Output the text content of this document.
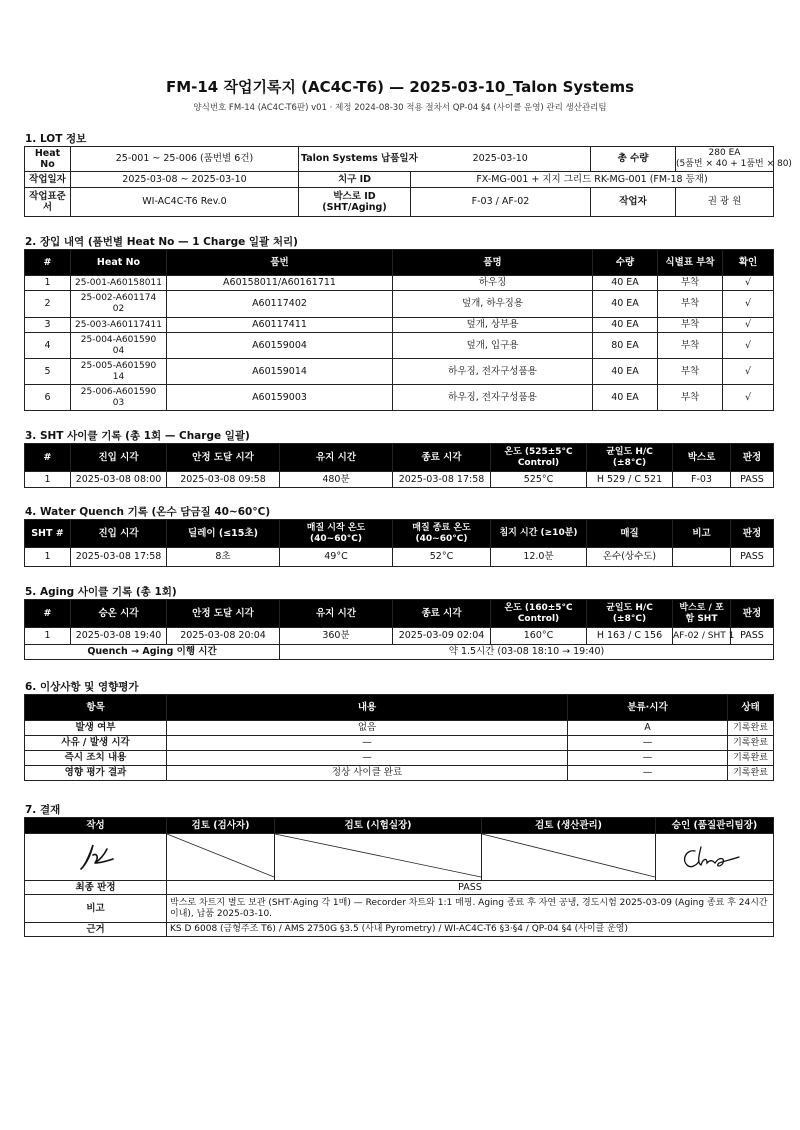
FM-14 작업기록지 (AC4C-T6) — 2025-03-10_Talon Systems
양식번호 FM-14 (AC4C-T6판) v01 · 제정 2024-08-30 적용 절차서 QP-04 §4 (사이클 운영) 관리 생산관리팀
1. LOT 정보
Heat No	25-001 ~ 25-006 (품번별 6건)	Talon Systems 납품일자	2025-03-10	총 수량	280 EA
(5품번 × 40 + 1품번 × 80)

작업일자	2025-03-08 ~ 2025-03-10	치구 ID	FX-MG-001 + 지지 그리드 RK-MG-001 (FM-18 등재)		
작업표준서	WI-AC4C-T6 Rev.0	박스로 ID (SHT/Aging)	F-03 / AF-02	작업자	권 광 원
2. 장입 내역 (품번별 Heat No — 1 Charge 일괄 처리)
#	Heat No	품번	품명	수량	식별표 부착	확인
1	25-001-A60158011	A60158011/A60161711	하우징	40 EA	부착	√
2	25-002-A60117402	A60117402	덮개, 하우징용	40 EA	부착	√
3	25-003-A60117411	A60117411	덮개, 상부용	40 EA	부착	√
4	25-004-A60159004	A60159004	덮개, 입구용	80 EA	부착	√
5	25-005-A60159014	A60159014	하우징, 전자구성품용	40 EA	부착	√
6	25-006-A60159003	A60159003	하우징, 전자구성품용	40 EA	부착	√
3. SHT 사이클 기록 (총 1회 — Charge 일괄)
#	진입 시각	안정 도달 시각	유지 시간	종료 시각	온도 (525±5°C Control)	균일도 H/C (±8°C)	박스로	판정
1	2025-03-08 08:00	2025-03-08 09:58	480분	2025-03-08 17:58	525°C	H 529 / C 521	F-03	PASS
4. Water Quench 기록 (온수 담금질 40~60°C)
SHT #	진입 시각	딜레이 (≤15초)	매질 시작 온도 (40~60°C)	매질 종료 온도 (40~60°C)	침지 시간 (≥10분)	매질	비고	판정
1	2025-03-08 17:58	8초	49°C	52°C	12.0분	온수(상수도)		PASS
5. Aging 사이클 기록 (총 1회)
#	승온 시각	안정 도달 시각	유지 시간	종료 시각	온도 (160±5°C Control)	균일도 H/C (±8°C)	박스로 / 포함 SHT	판정
1	2025-03-08 19:40	2025-03-08 20:04	360분	2025-03-09 02:04	160°C	H 163 / C 156	AF-02 / SHT 1	PASS
Quench → Aging 이행 시간			약 1.5시간 (03-08 18:10 → 19:40)					
6. 이상사항 및 영향평가
항목	내용	분류·시각	상태
발생 여부	없음	A	기록완료
사유 / 발생 시각	—	—	기록완료
즉시 조치 내용	—	—	기록완료
영향 평가 결과	정상 사이클 완료	—	기록완료
7. 결재
작성	검토 (검사자)	검토 (시험실장)	검토 (생산관리)	승인 (품질관리팀장)

최종 판정	PASS			
비고	박스로 차트지 별도 보관 (SHT·Aging 각 1매) — Recorder 차트와 1:1 매핑. Aging 종료 후 자연 공냉, 경도시험 2025-03-09 (Aging 종료 후 24시간 이내), 납품 2025-03-10.			
근거	KS D 6008 (금형주조 T6) / AMS 2750G §3.5 (사내 Pyrometry) / WI-AC4C-T6 §3·§4 / QP-04 §4 (사이클 운영)			
